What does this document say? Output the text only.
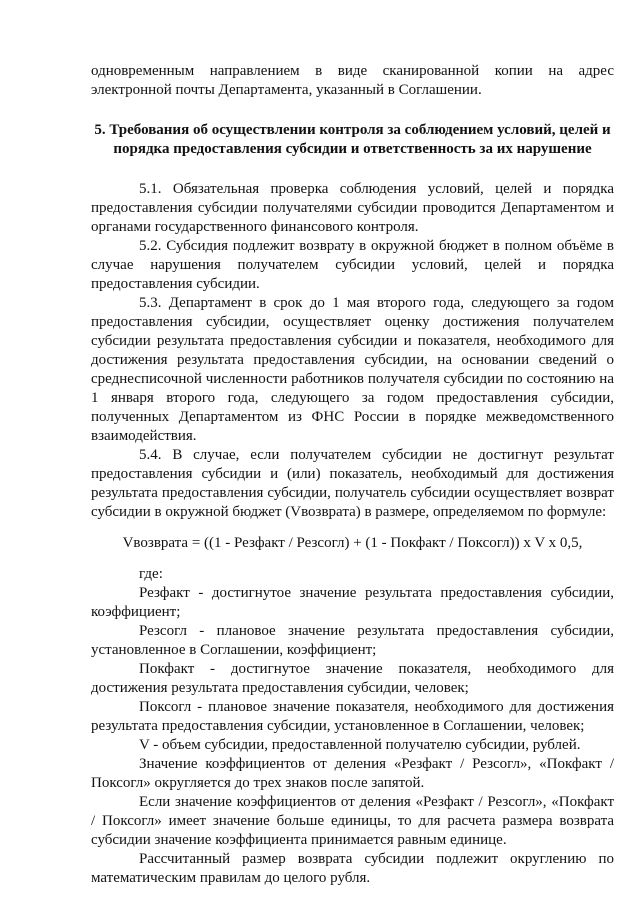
одновременным направлением в виде сканированной копии на адрес электронной почты Департамента, указанный в Соглашении.

5. Требования об осуществлении контроля за соблюдением условий, целей и порядка предоставления субсидии и ответственность за их нарушение

5.1. Обязательная проверка соблюдения условий, целей и порядка предоставления субсидии получателями субсидии проводится Департаментом и органами государственного финансового контроля.

5.2. Субсидия подлежит возврату в окружной бюджет в полном объёме в случае нарушения получателем субсидии условий, целей и порядка предоставления субсидии.

5.3. Департамент в срок до 1 мая второго года, следующего за годом предоставления субсидии, осуществляет оценку достижения получателем субсидии результата предоставления субсидии и показателя, необходимого для достижения результата предоставления субсидии, на основании сведений о среднесписочной численности работников получателя субсидии по состоянию на 1 января второго года, следующего за годом предоставления субсидии, полученных Департаментом из ФНС России в порядке межведомственного взаимодействия.

5.4. В случае, если получателем субсидии не достигнут результат предоставления субсидии и (или) показатель, необходимый для достижения результата предоставления субсидии, получатель субсидии осуществляет возврат субсидии в окружной бюджет (Vвозврата) в размере, определяемом по формуле:

Vвозврата = ((1 - Резфакт / Резсогл) + (1 - Покфакт / Поксогл)) x V x 0,5,

где:

Резфакт - достигнутое значение результата предоставления субсидии, коэффициент;

Резсогл - плановое значение результата предоставления субсидии, установленное в Соглашении, коэффициент;

Покфакт - достигнутое значение показателя, необходимого для достижения результата предоставления субсидии, человек;

Поксогл - плановое значение показателя, необходимого для достижения результата предоставления субсидии, установленное в Соглашении, человек;

V - объем субсидии, предоставленной получателю субсидии, рублей.

Значение коэффициентов от деления «Резфакт / Резсогл», «Покфакт / Поксогл» округляется до трех знаков после запятой.

Если значение коэффициентов от деления «Резфакт / Резсогл», «Покфакт / Поксогл» имеет значение больше единицы, то для расчета размера возврата субсидии значение коэффициента принимается равным единице.

Рассчитанный размер возврата субсидии подлежит округлению по математическим правилам до целого рубля.
